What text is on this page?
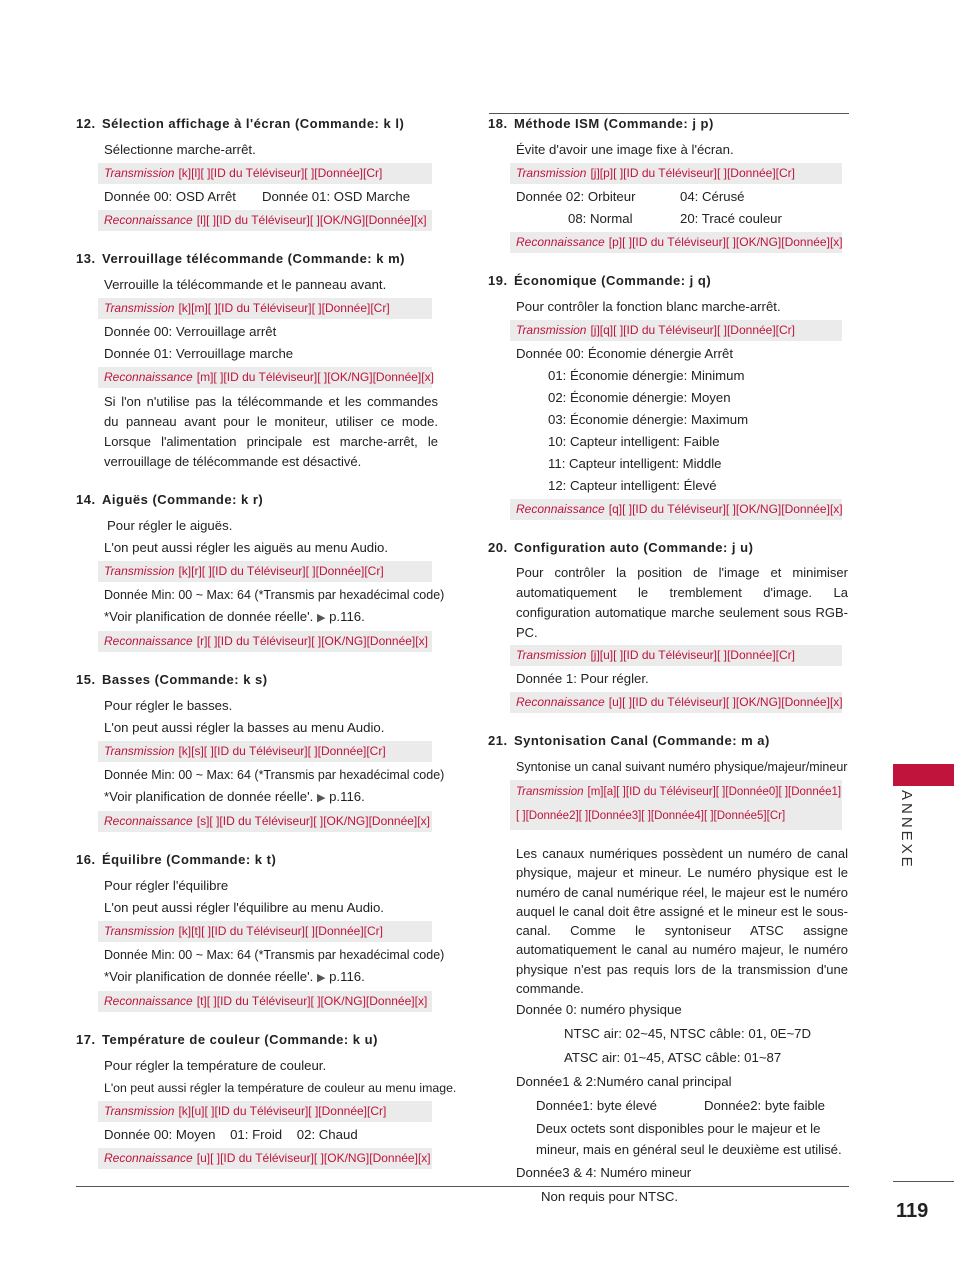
12. Sélection affichage à l'écran (Commande: k l)
Sélectionne marche-arrêt.
Transmission [k][l][ ][ID du Téléviseur][ ][Donnée][Cr]
Donnée 00: OSD Arrêt Donnée 01: OSD Marche
Reconnaissance [l][ ][ID du Téléviseur][ ][OK/NG][Donnée][x]
13. Verrouillage télécommande (Commande: k m)
Verrouille la télécommande et le panneau avant.
Transmission [k][m][ ][ID du Téléviseur][ ][Donnée][Cr]
Donnée 00: Verrouillage arrêt
Donnée 01: Verrouillage marche
Reconnaissance [m][ ][ID du Téléviseur][ ][OK/NG][Donnée][x]
Si l'on n'utilise pas la télécommande et les commandes du panneau avant pour le moniteur, utiliser ce mode. Lorsque l'alimentation principale est marche-arrêt, le verrouillage de télécommande est désactivé.
14. Aiguës (Commande: k r)
Pour régler le aiguës.
L'on peut aussi régler les aiguës au menu Audio.
Transmission [k][r][ ][ID du Téléviseur][ ][Donnée][Cr]
Donnée Min: 00 ~ Max: 64 (*Transmis par hexadécimal code)
*Voir planification de donnée réelle'. ▶ p.116.
Reconnaissance [r][ ][ID du Téléviseur][ ][OK/NG][Donnée][x]
15. Basses (Commande: k s)
Pour régler le basses.
L'on peut aussi régler la basses au menu Audio.
Transmission [k][s][ ][ID du Téléviseur][ ][Donnée][Cr]
Donnée Min: 00 ~ Max: 64 (*Transmis par hexadécimal code)
*Voir planification de donnée réelle'. ▶ p.116.
Reconnaissance [s][ ][ID du Téléviseur][ ][OK/NG][Donnée][x]
16. Équilibre (Commande: k t)
Pour régler l'équilibre
L'on peut aussi régler l'équilibre au menu Audio.
Transmission [k][t][ ][ID du Téléviseur][ ][Donnée][Cr]
Donnée Min: 00 ~ Max: 64 (*Transmis par hexadécimal code)
*Voir planification de donnée réelle'. ▶ p.116.
Reconnaissance [t][ ][ID du Téléviseur][ ][OK/NG][Donnée][x]
17. Température de couleur (Commande: k u)
Pour régler la température de couleur.
L'on peut aussi régler la température de couleur au menu image.
Transmission [k][u][ ][ID du Téléviseur][ ][Donnée][Cr]
Donnée 00: Moyen    01: Froid    02: Chaud
Reconnaissance [u][ ][ID du Téléviseur][ ][OK/NG][Donnée][x]
18. Méthode ISM (Commande: j p)
Évite d'avoir une image fixe à l'écran.
Transmission [j][p][ ][ID du Téléviseur][ ][Donnée][Cr]
Donnée 02: Orbiteur	04: Cérusé
08: Normal	20: Tracé couleur
Reconnaissance [p][ ][ID du Téléviseur][ ][OK/NG][Donnée][x]
19. Économique (Commande: j q)
Pour contrôler la fonction blanc marche-arrêt.
Transmission [j][q][ ][ID du Téléviseur][ ][Donnée][Cr]
Donnée 00: Économie dénergie Arrêt
01: Économie dénergie: Minimum
02: Économie dénergie: Moyen
03: Économie dénergie: Maximum
10: Capteur intelligent: Faible
11: Capteur intelligent: Middle
12: Capteur intelligent: Élevé
Reconnaissance [q][ ][ID du Téléviseur][ ][OK/NG][Donnée][x]
20. Configuration auto (Commande: j u)
Pour contrôler la position de l'image et minimiser automatiquement le tremblement d'image. La configuration automatique marche seulement sous RGB-PC.
Transmission [j][u][ ][ID du Téléviseur][ ][Donnée][Cr]
Donnée 1: Pour régler.
Reconnaissance [u][ ][ID du Téléviseur][ ][OK/NG][Donnée][x]
21. Syntonisation Canal (Commande: m a)
Syntonise un canal suivant numéro physique/majeur/mineur
Transmission [m][a][ ][ID du Téléviseur][ ][Donnée0][ ][Donnée1]
[ ][Donnée2][ ][Donnée3][ ][Donnée4][ ][Donnée5][Cr]
Les canaux numériques possèdent un numéro de canal physique, majeur et mineur. Le numéro physique est le numéro de canal numérique réel, le majeur est le numéro auquel le canal doit être assigné et le mineur est le sous-canal. Comme le syntoniseur ATSC assigne automatiquement le canal au numéro majeur, le numéro physique n'est pas requis lors de la transmission d'une commande.
Donnée 0: numéro physique
NTSC air: 02~45, NTSC câble: 01, 0E~7D
ATSC air: 01~45, ATSC câble: 01~87
Donnée1 & 2:Numéro canal principal
Donnée1: byte élevé	Donnée2: byte faible
Deux octets sont disponibles pour le majeur et le
mineur, mais en général seul le deuxième est utilisé.
Donnée3 & 4: Numéro mineur
Non requis pour NTSC.
ANNEXE
119
